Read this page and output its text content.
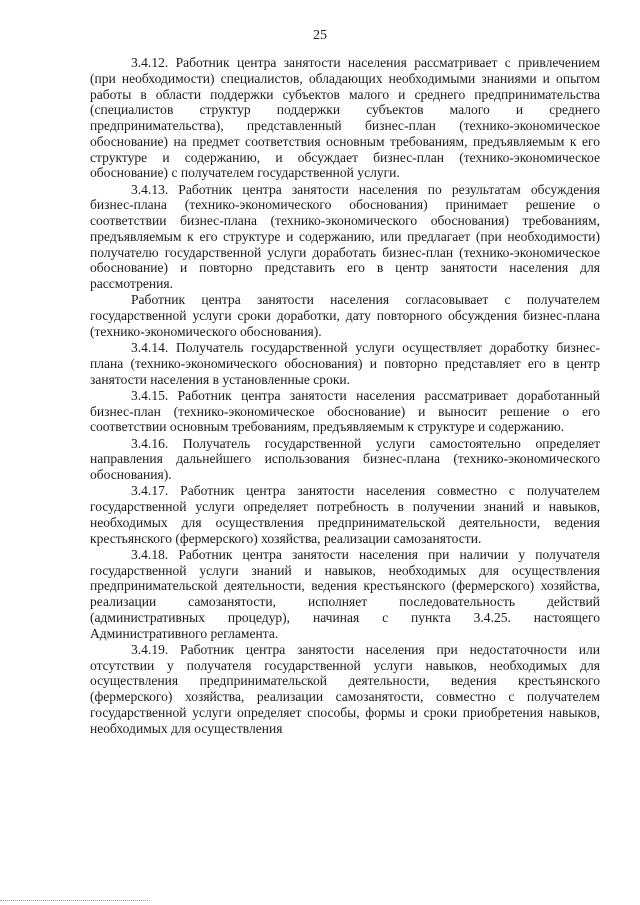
25

3.4.12. Работник центра занятости населения рассматривает с привлечением (при необходимости) специалистов, обладающих необходимыми знаниями и опытом работы в области поддержки субъектов малого и среднего предпринимательства (специалистов структур поддержки субъектов малого и среднего предпринимательства), представленный бизнес-план (технико-экономическое обоснование) на предмет соответствия основным требованиям, предъявляемым к его структуре и содержанию, и обсуждает бизнес-план (технико-экономическое обоснование) с получателем государственной услуги.

3.4.13. Работник центра занятости населения по результатам обсуждения бизнес-плана (технико-экономического обоснования) принимает решение о соответствии бизнес-плана (технико-экономического обоснования) требованиям, предъявляемым к его структуре и содержанию, или предлагает (при необходимости) получателю государственной услуги доработать бизнес-план (технико-экономическое обоснование) и повторно представить его в центр занятости населения для рассмотрения.

Работник центра занятости населения согласовывает с получателем государственной услуги сроки доработки, дату повторного обсуждения бизнес-плана (технико-экономического обоснования).

3.4.14. Получатель государственной услуги осуществляет доработку бизнес-плана (технико-экономического обоснования) и повторно представляет его в центр занятости населения в установленные сроки.

3.4.15. Работник центра занятости населения рассматривает доработанный бизнес-план (технико-экономическое обоснование) и выносит решение о его соответствии основным требованиям, предъявляемым к структуре и содержанию.

3.4.16. Получатель государственной услуги самостоятельно определяет направления дальнейшего использования бизнес-плана (технико-экономического обоснования).

3.4.17. Работник центра занятости населения совместно с получателем государственной услуги определяет потребность в получении знаний и навыков, необходимых для осуществления предпринимательской деятельности, ведения крестьянского (фермерского) хозяйства, реализации самозанятости.

3.4.18. Работник центра занятости населения при наличии у получателя государственной услуги знаний и навыков, необходимых для осуществления предпринимательской деятельности, ведения крестьянского (фермерского) хозяйства, реализации самозанятости, исполняет последовательность действий (административных процедур), начиная с пункта 3.4.25. настоящего Административного регламента.

3.4.19. Работник центра занятости населения при недостаточности или отсутствии у получателя государственной услуги навыков, необходимых для осуществления предпринимательской деятельности, ведения крестьянского (фермерского) хозяйства, реализации самозанятости, совместно с получателем государственной услуги определяет способы, формы и сроки приобретения навыков, необходимых для осуществления
